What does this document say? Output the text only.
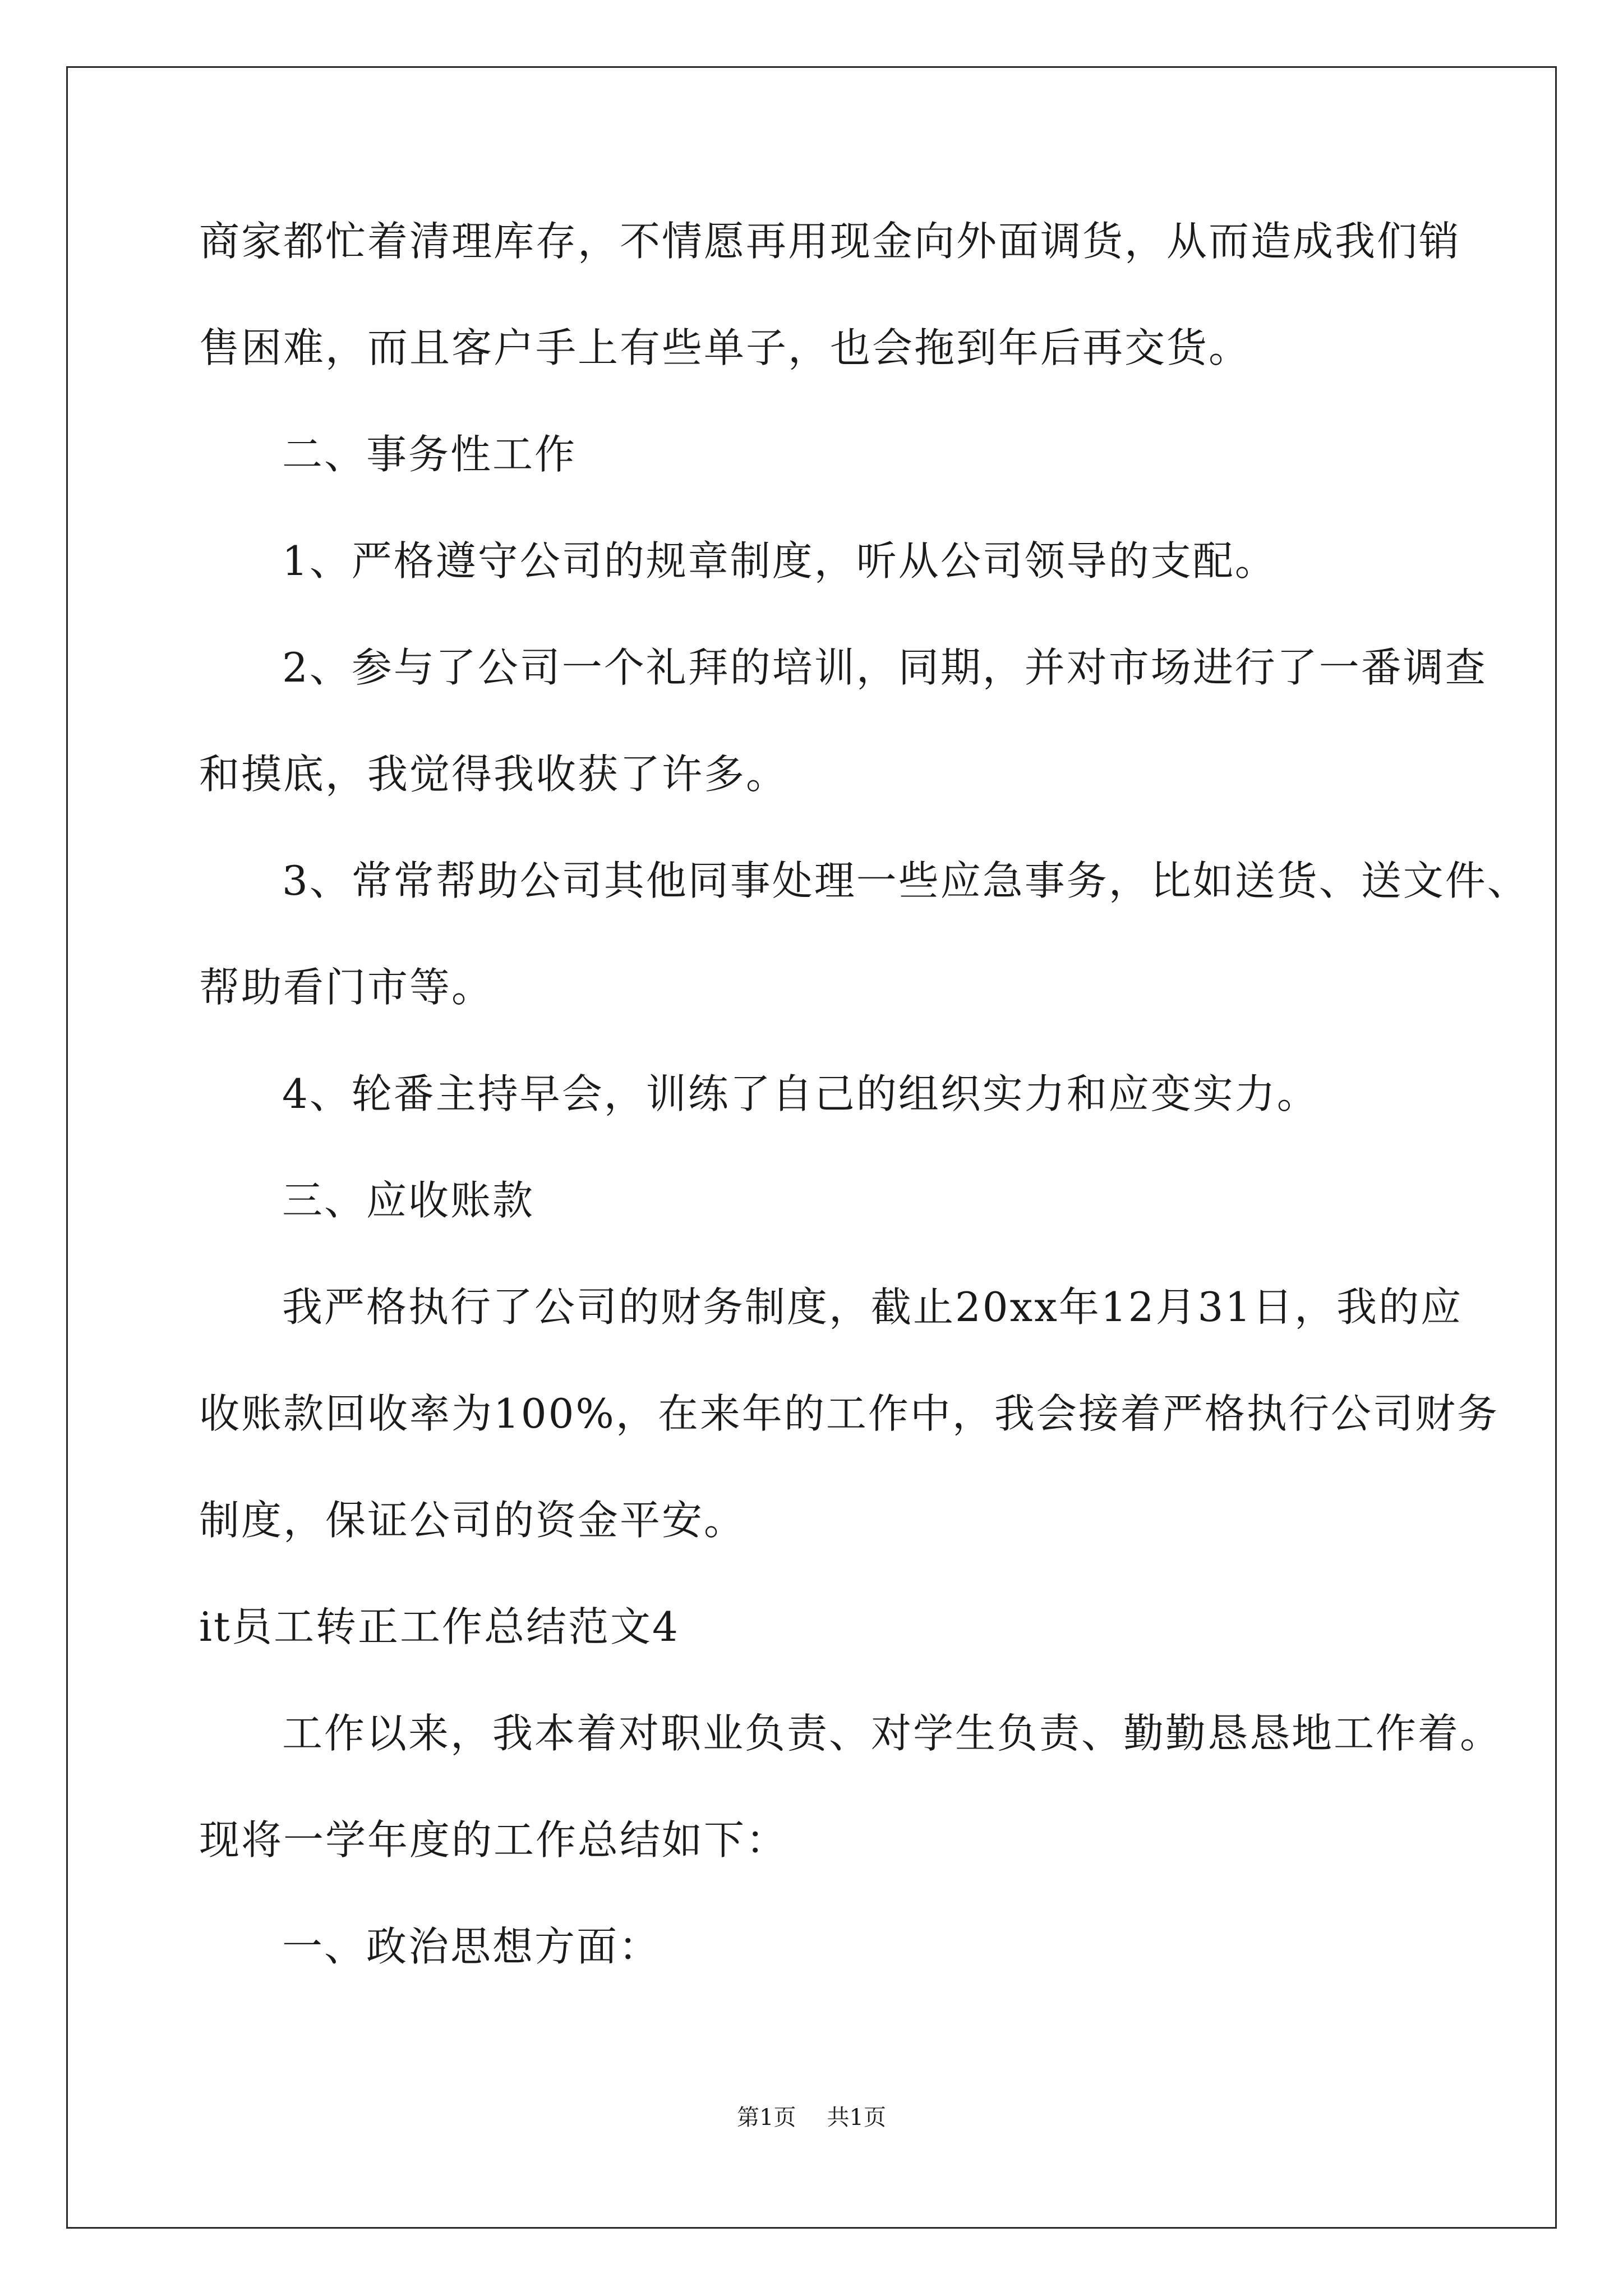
商家都忙着清理库存，不情愿再用现金向外面调货，从而造成我们销
售困难，而且客户手上有些单子，也会拖到年后再交货。
二、事务性工作
1、严格遵守公司的规章制度，听从公司领导的支配。
2、参与了公司一个礼拜的培训，同期，并对市场进行了一番调查
和摸底，我觉得我收获了许多。
3、常常帮助公司其他同事处理一些应急事务，比如送货、送文件、
帮助看门市等。
4、轮番主持早会，训练了自己的组织实力和应变实力。
三、应收账款
我严格执行了公司的财务制度，截止20xx年12月31日，我的应
收账款回收率为100%，在来年的工作中，我会接着严格执行公司财务
制度，保证公司的资金平安。
it员工转正工作总结范文4
工作以来，我本着对职业负责、对学生负责、勤勤恳恳地工作着。
现将一学年度的工作总结如下：
一、政治思想方面：
第1页 共1页
